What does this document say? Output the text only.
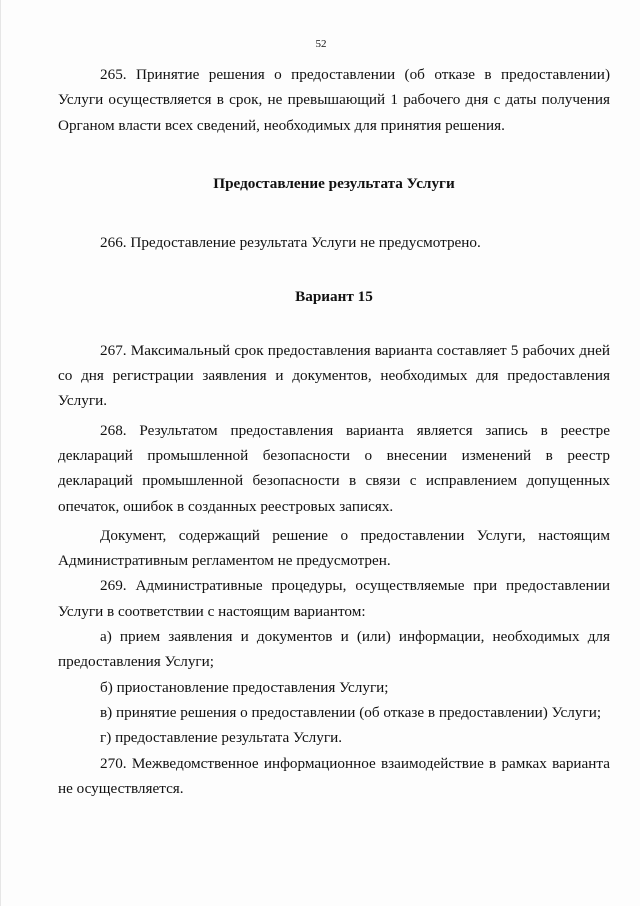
52

265. Принятие решения о предоставлении (об отказе в предоставлении) Услуги осуществляется в срок, не превышающий 1 рабочего дня с даты получения Органом власти всех сведений, необходимых для принятия решения.

Предоставление результата Услуги

266. Предоставление результата Услуги не предусмотрено.

Вариант 15

267. Максимальный срок предоставления варианта составляет 5 рабочих дней со дня регистрации заявления и документов, необходимых для предоставления Услуги.

268. Результатом предоставления варианта является запись в реестре деклараций промышленной безопасности о внесении изменений в реестр деклараций промышленной безопасности в связи с исправлением допущенных опечаток, ошибок в созданных реестровых записях.

Документ, содержащий решение о предоставлении Услуги, настоящим Административным регламентом не предусмотрен.

269. Административные процедуры, осуществляемые при предоставлении Услуги в соответствии с настоящим вариантом:

а) прием заявления и документов и (или) информации, необходимых для предоставления Услуги;

б) приостановление предоставления Услуги;

в) принятие решения о предоставлении (об отказе в предоставлении) Услуги;

г) предоставление результата Услуги.

270. Межведомственное информационное взаимодействие в рамках варианта не осуществляется.
